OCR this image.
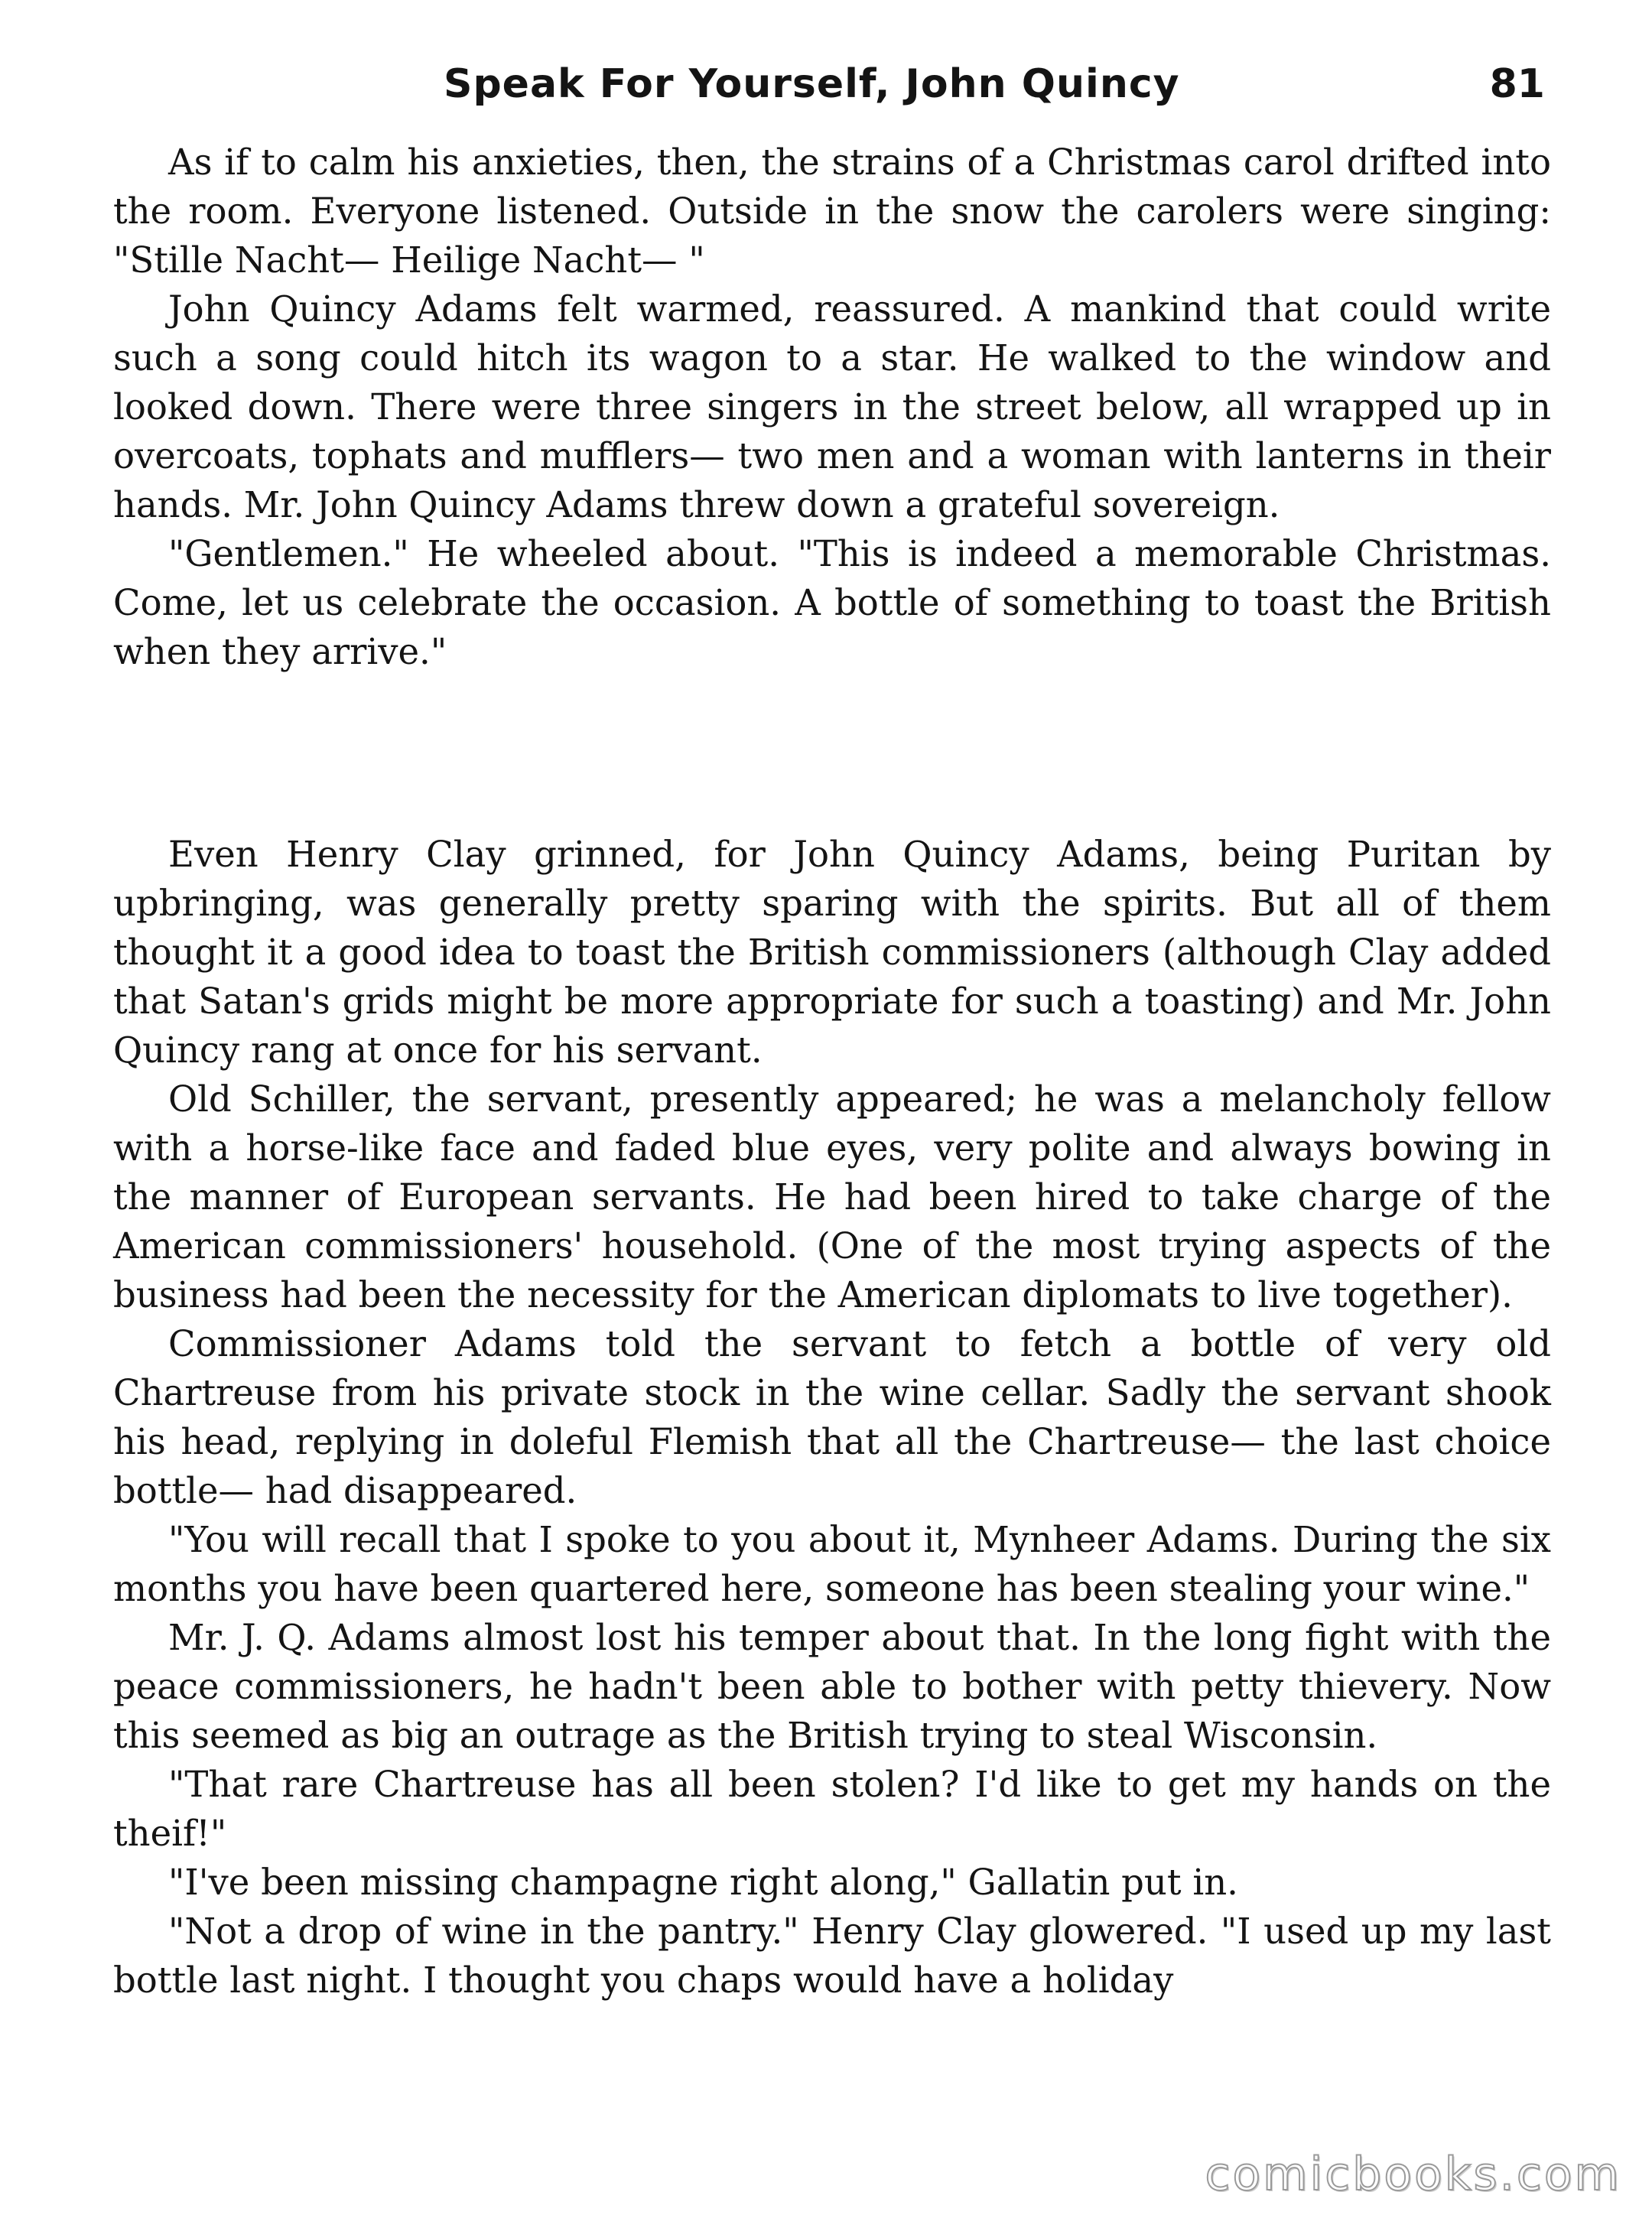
Speak For Yourself, John Quincy	81

As if to calm his anxieties, then, the strains of a Christmas carol drifted into the room. Everyone listened. Outside in the snow the carolers were singing: "Stille Nacht— Heilige Nacht— "

John Quincy Adams felt warmed, reassured. A mankind that could write such a song could hitch its wagon to a star. He walked to the window and looked down. There were three singers in the street below, all wrapped up in overcoats, tophats and mufflers— two men and a woman with lanterns in their hands. Mr. John Quincy Adams threw down a grateful sovereign.

"Gentlemen." He wheeled about. "This is indeed a memorable Christmas. Come, let us celebrate the occasion. A bottle of something to toast the British when they arrive."

Even Henry Clay grinned, for John Quincy Adams, being Puritan by upbringing, was generally pretty sparing with the spirits. But all of them thought it a good idea to toast the British commissioners (although Clay added that Satan's grids might be more appropriate for such a toasting) and Mr. John Quincy rang at once for his servant.

Old Schiller, the servant, presently appeared; he was a melancholy fellow with a horse-like face and faded blue eyes, very polite and always bowing in the manner of European servants. He had been hired to take charge of the American commissioners' household. (One of the most trying aspects of the business had been the necessity for the American diplomats to live together).

Commissioner Adams told the servant to fetch a bottle of very old Chartreuse from his private stock in the wine cellar. Sadly the servant shook his head, replying in doleful Flemish that all the Chartreuse— the last choice bottle— had disappeared.

"You will recall that I spoke to you about it, Mynheer Adams. During the six months you have been quartered here, someone has been stealing your wine."

Mr. J. Q. Adams almost lost his temper about that. In the long fight with the peace commissioners, he hadn't been able to bother with petty thievery. Now this seemed as big an outrage as the British trying to steal Wisconsin.

"That rare Chartreuse has all been stolen? I'd like to get my hands on the theif!"

"I've been missing champagne right along," Gallatin put in.

"Not a drop of wine in the pantry." Henry Clay glowered. "I used up my last bottle last night. I thought you chaps would have a holiday

comicbooks.com
